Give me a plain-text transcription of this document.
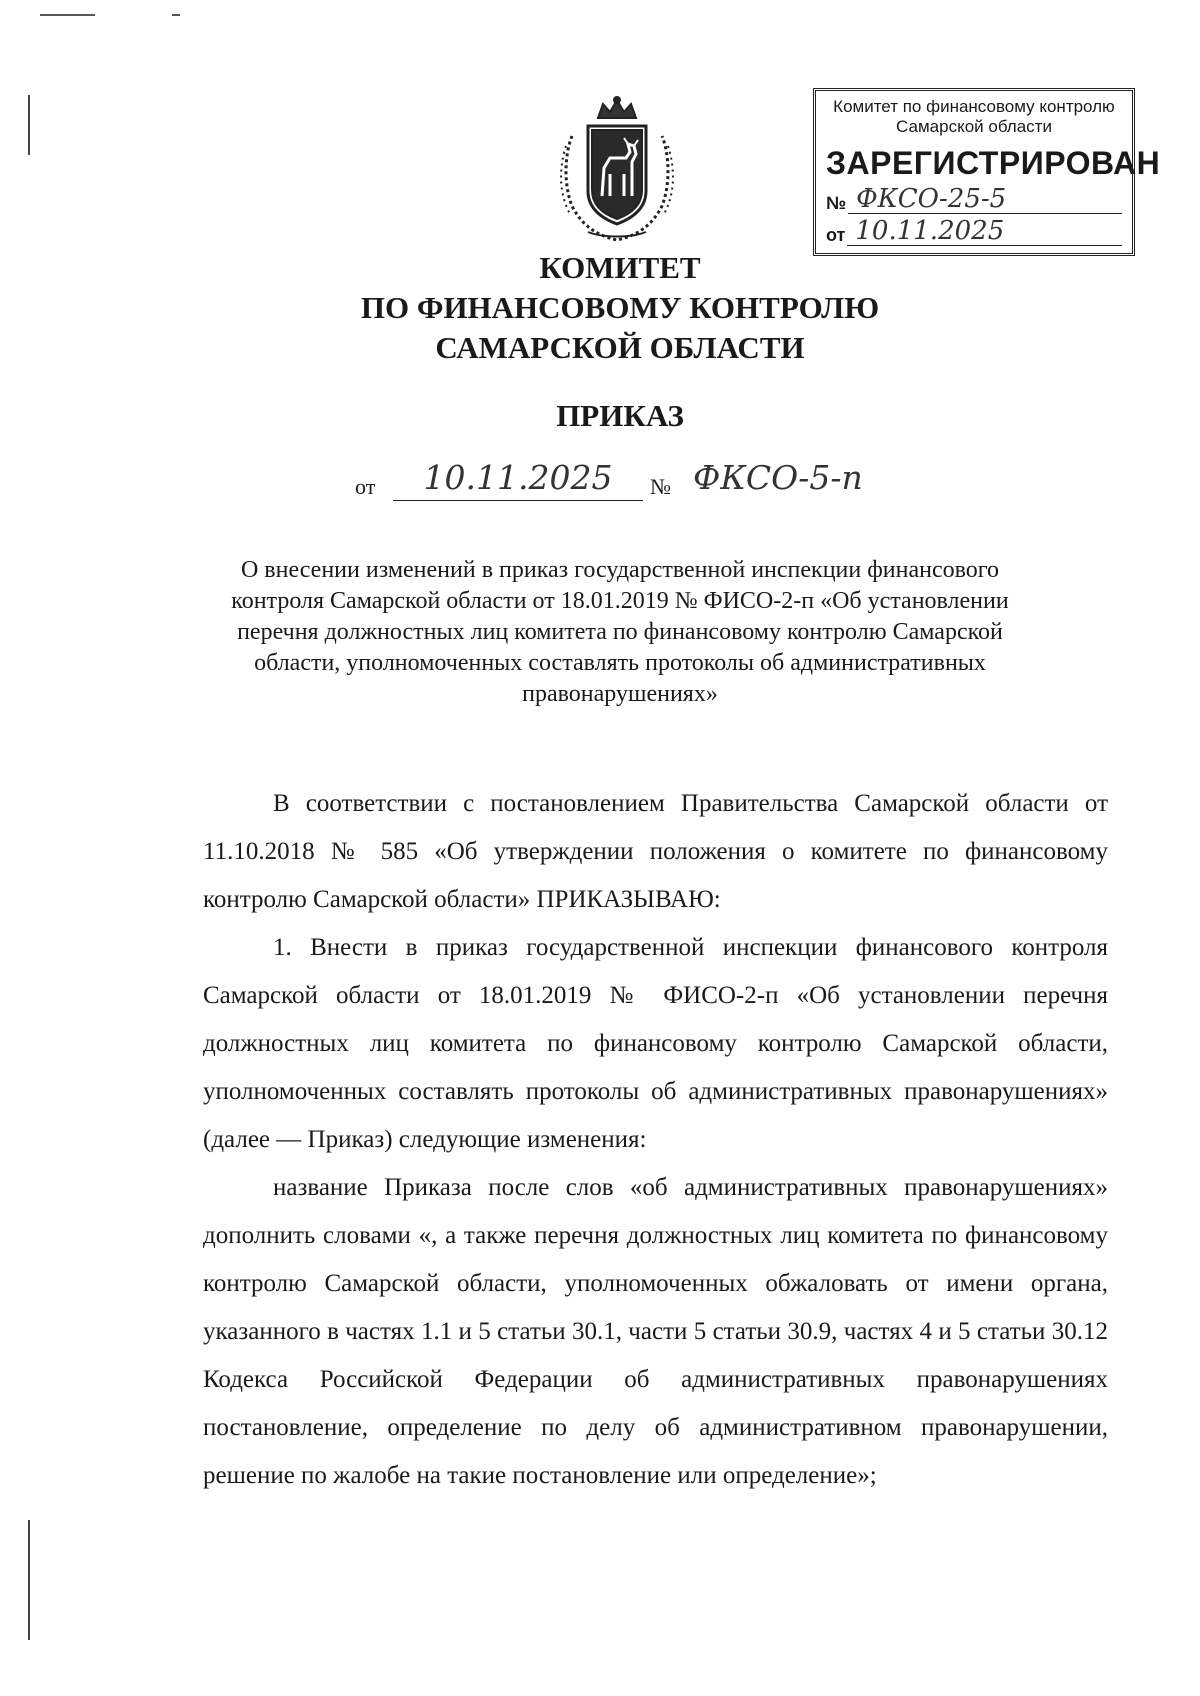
Комитет по финансовому контролю
Самарской области
ЗАРЕГИСТРИРОВАН
№ ФКСО-25-5
от 10.11.2025
КОМИТЕТ
ПО ФИНАНСОВОМУ КОНТРОЛЮ
САМАРСКОЙ ОБЛАСТИ
ПРИКАЗ
от	10.11.2025	№ ФКСО-5-п
О внесении изменений в приказ государственной инспекции финансового контроля Самарской области от 18.01.2019 № ФИСО-2-п «Об установлении перечня должностных лиц комитета по финансовому контролю Самарской области, уполномоченных составлять протоколы об административных правонарушениях»

В соответствии с постановлением Правительства Самарской области от 11.10.2018 № 585 «Об утверждении положения о комитете по финансовому контролю Самарской области» ПРИКАЗЫВАЮ:

1. Внести в приказ государственной инспекции финансового контроля Самарской области от 18.01.2019 № ФИСО-2-п «Об установлении перечня должностных лиц комитета по финансовому контролю Самарской области, уполномоченных составлять протоколы об административных правонарушениях» (далее — Приказ) следующие изменения:

название Приказа после слов «об административных правонарушениях» дополнить словами «, а также перечня должностных лиц комитета по финансовому контролю Самарской области, уполномоченных обжаловать от имени органа, указанного в частях 1.1 и 5 статьи 30.1, части 5 статьи 30.9, частях 4 и 5 статьи 30.12 Кодекса Российской Федерации об административных правонарушениях постановление, определение по делу об административном правонарушении, решение по жалобе на такие постановление или определение»;
